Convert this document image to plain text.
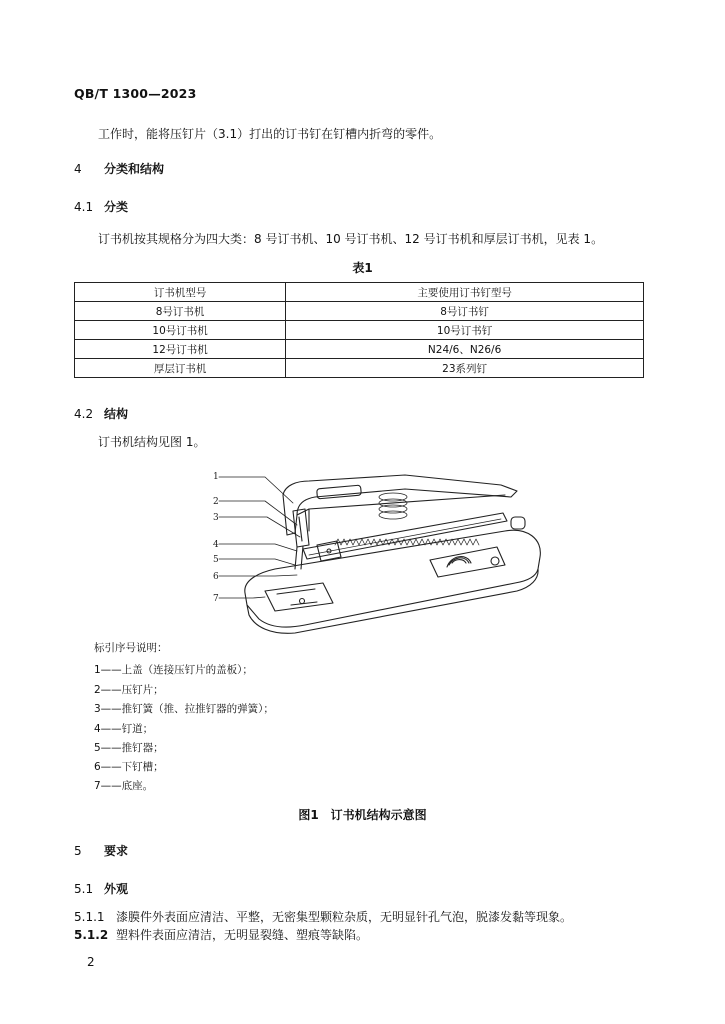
QB/T 1300—2023
工作时，能将压钉片（3.1）打出的订书钉在钉槽内折弯的零件。
4 分类和结构
4.1 分类
订书机按其规格分为四大类：8 号订书机、10 号订书机、12 号订书机和厚层订书机，见表 1。
表1
订书机型号	主要使用订书钉型号
8号订书机	8号订书钉
10号订书机	10号订书钉
12号订书机	N24/6、N26/6
厚层订书机	23系列钉
4.2 结构
订书机结构见图 1。
1
2
3
4
5
6
7
标引序号说明：
1——上盖（连接压钉片的盖板）；
2——压钉片；
3——推钉簧（推、拉推钉器的弹簧）；
4——钉道；
5——推钉器；
6——下钉槽；
7——底座。
图1　订书机结构示意图
5 要求
5.1 外观
5.1.1 漆膜件外表面应清洁、平整，无密集型颗粒杂质，无明显针孔气泡，脱漆发黏等现象。
5.1.2 塑料件表面应清洁，无明显裂缝、塑痕等缺陷。
2
